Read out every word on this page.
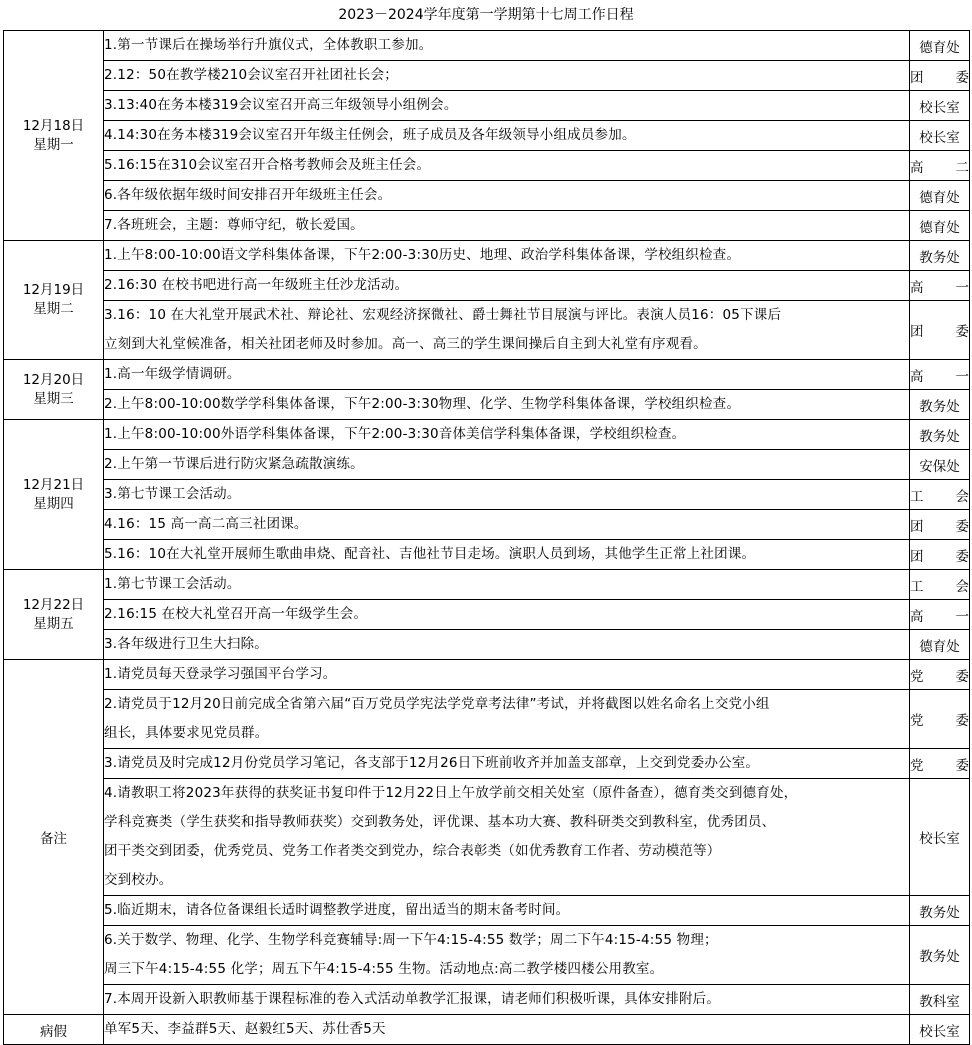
2023－2024学年度第一学期第十七周工作日程
12月18日
星期一	1.第一节课后在操场举行升旗仪式，全体教职工参加。	德育处

	2.12：50在教学楼210会议室召开社团社长会；	团　委

	3.13:40在务本楼319会议室召开高三年级领导小组例会。	校长室

	4.14:30在务本楼319会议室召开年级主任例会，班子成员及各年级领导小组成员参加。	校长室

	5.16:15在310会议室召开合格考教师会及班主任会。	高　二

	6.各年级依据年级时间安排召开年级班主任会。	德育处

	7.各班班会，主题：尊师守纪，敬长爱国。	德育处

12月19日
星期二	1.上午8:00-10:00语文学科集体备课，下午2:00-3:30历史、地理、政治学科集体备课，学校组织检查。	教务处

	2.16:30 在校书吧进行高一年级班主任沙龙活动。	高　一

	3.16：10 在大礼堂开展武术社、辩论社、宏观经济探微社、爵士舞社节目展演与评比。表演人员16：05下课后
立刻到大礼堂候准备，相关社团老师及时参加。高一、高三的学生课间操后自主到大礼堂有序观看。	团　委

12月20日
星期三	1.高一年级学情调研。	高　一

	2.上午8:00-10:00数学学科集体备课，下午2:00-3:30物理、化学、生物学科集体备课，学校组织检查。	教务处

12月21日
星期四	1.上午8:00-10:00外语学科集体备课，下午2:00-3:30音体美信学科集体备课，学校组织检查。	教务处

	2.上午第一节课后进行防灾紧急疏散演练。	安保处

	3.第七节课工会活动。	工　会

	4.16：15 高一高二高三社团课。	团　委

	5.16：10在大礼堂开展师生歌曲串烧、配音社、吉他社节目走场。演职人员到场，其他学生正常上社团课。	团　委

12月22日
星期五	1.第七节课工会活动。	工　会

	2.16:15 在校大礼堂召开高一年级学生会。	高　一

	3.各年级进行卫生大扫除。	德育处
备注	1.请党员每天登录学习强国平台学习。	党　委

	2.请党员于12月20日前完成全省第六届“百万党员学宪法学党章考法律”考试，并将截图以姓名命名上交党小组
组长，具体要求见党员群。	党　委

	3.请党员及时完成12月份党员学习笔记，各支部于12月26日下班前收齐并加盖支部章，上交到党委办公室。	党　委

	4.请教职工将2023年获得的获奖证书复印件于12月22日上午放学前交相关处室（原件备查），德育类交到德育处，
学科竞赛类（学生获奖和指导教师获奖）交到教务处，评优课、基本功大赛、教科研类交到教科室，优秀团员、
团干类交到团委，优秀党员、党务工作者类交到党办，综合表彰类（如优秀教育工作者、劳动模范等）
交到校办。	校长室

	5.临近期末，请各位备课组长适时调整教学进度，留出适当的期末备考时间。	教务处

	6.关于数学、物理、化学、生物学科竞赛辅导:周一下午4:15-4:55 数学；周二下午4:15-4:55 物理；
周三下午4:15-4:55 化学；周五下午4:15-4:55 生物。活动地点:高二教学楼四楼公用教室。	教务处

	7.本周开设新入职教师基于课程标准的卷入式活动单教学汇报课，请老师们积极听课，具体安排附后。	教科室
病假	单军5天、李益群5天、赵毅红5天、苏仕香5天	校长室
